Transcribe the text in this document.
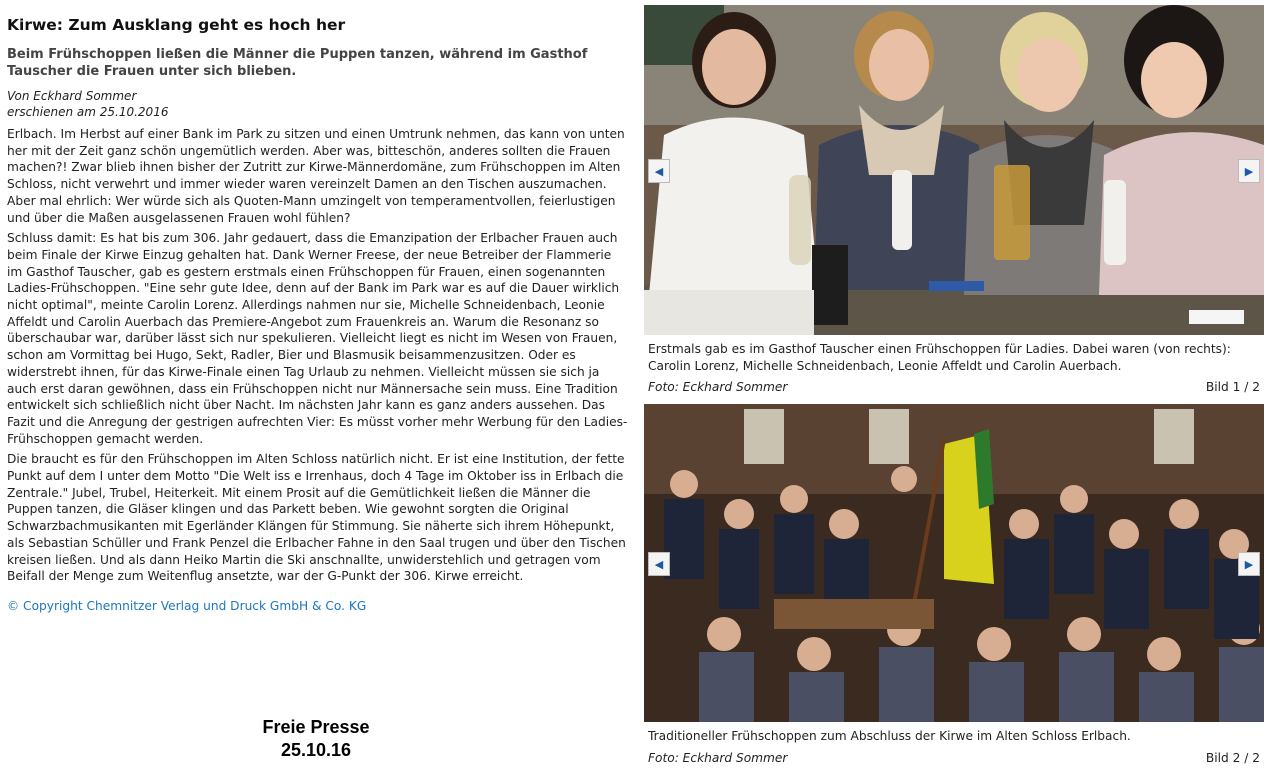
Kirwe: Zum Ausklang geht es hoch her
Beim Frühschoppen ließen die Männer die Puppen tanzen, während im Gasthof Tauscher die Frauen unter sich blieben.
Von Eckhard Sommer
erschienen am 25.10.2016

Erlbach. Im Herbst auf einer Bank im Park zu sitzen und einen Umtrunk nehmen, das kann von unten her mit der Zeit ganz schön ungemütlich werden. Aber was, bitteschön, anderes sollten die Frauen machen?! Zwar blieb ihnen bisher der Zutritt zur Kirwe-Männerdomäne, zum Frühschoppen im Alten Schloss, nicht verwehrt und immer wieder waren vereinzelt Damen an den Tischen auszumachen. Aber mal ehrlich: Wer würde sich als Quoten-Mann umzingelt von temperamentvollen, feierlustigen und über die Maßen ausgelassenen Frauen wohl fühlen?

Schluss damit: Es hat bis zum 306. Jahr gedauert, dass die Emanzipation der Erlbacher Frauen auch beim Finale der Kirwe Einzug gehalten hat. Dank Werner Freese, der neue Betreiber der Flammerie im Gasthof Tauscher, gab es gestern erstmals einen Frühschoppen für Frauen, einen sogenannten Ladies-Frühschoppen. "Eine sehr gute Idee, denn auf der Bank im Park war es auf die Dauer wirklich nicht optimal", meinte Carolin Lorenz. Allerdings nahmen nur sie, Michelle Schneidenbach, Leonie Affeldt und Carolin Auerbach das Premiere-Angebot zum Frauenkreis an. Warum die Resonanz so überschaubar war, darüber lässt sich nur spekulieren. Vielleicht liegt es nicht im Wesen von Frauen, schon am Vormittag bei Hugo, Sekt, Radler, Bier und Blasmusik beisammenzusitzen. Oder es widerstrebt ihnen, für das Kirwe-Finale einen Tag Urlaub zu nehmen. Vielleicht müssen sie sich ja auch erst daran gewöhnen, dass ein Frühschoppen nicht nur Männersache sein muss. Eine Tradition entwickelt sich schließlich nicht über Nacht. Im nächsten Jahr kann es ganz anders aussehen. Das Fazit und die Anregung der gestrigen aufrechten Vier: Es müsst vorher mehr Werbung für den Ladies-Frühschoppen gemacht werden.

Die braucht es für den Frühschoppen im Alten Schloss natürlich nicht. Er ist eine Institution, der fette Punkt auf dem I unter dem Motto "Die Welt iss e Irrenhaus, doch 4 Tage im Oktober iss in Erlbach die Zentrale." Jubel, Trubel, Heiterkeit. Mit einem Prosit auf die Gemütlichkeit ließen die Männer die Puppen tanzen, die Gläser klingen und das Parkett beben. Wie gewohnt sorgten die Original Schwarzbachmusikanten mit Egerländer Klängen für Stimmung. Sie näherte sich ihrem Höhepunkt, als Sebastian Schüller und Frank Penzel die Erlbacher Fahne in den Saal trugen und über den Tischen kreisen ließen. Und als dann Heiko Martin die Ski anschnallte, unwiderstehlich und getragen vom Beifall der Menge zum Weitenflug ansetzte, war der G-Punkt der 306. Kirwe erreicht.

© Copyright Chemnitzer Verlag und Druck GmbH & Co. KG
Freie Presse
25.10.16
◀	▶
Erstmals gab es im Gasthof Tauscher einen Frühschoppen für Ladies. Dabei waren (von rechts): Carolin Lorenz, Michelle Schneidenbach, Leonie Affeldt und Carolin Auerbach.
Foto: Eckhard Sommer	Bild 1 / 2
◀	▶
Traditioneller Frühschoppen zum Abschluss der Kirwe im Alten Schloss Erlbach.
Foto: Eckhard Sommer	Bild 2 / 2
